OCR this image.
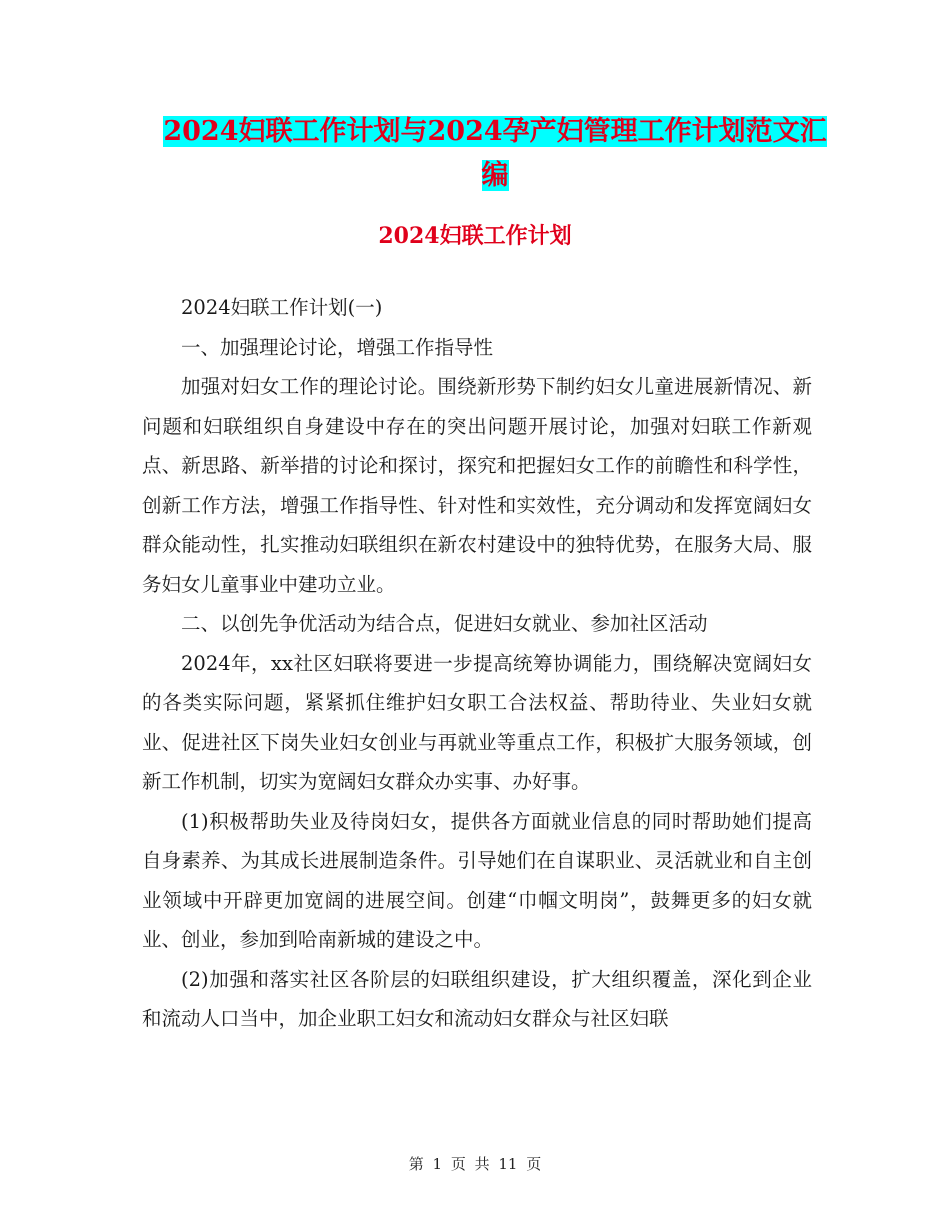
2024妇联工作计划与2024孕产妇管理工作计划范文汇
编
2024妇联工作计划

2024妇联工作计划(一)

一、加强理论讨论，增强工作指导性

加强对妇女工作的理论讨论。围绕新形势下制约妇女儿童进展新情况、新问题和妇联组织自身建设中存在的突出问题开展讨论，加强对妇联工作新观点、新思路、新举措的讨论和探讨，探究和把握妇女工作的前瞻性和科学性，创新工作方法，增强工作指导性、针对性和实效性，充分调动和发挥宽阔妇女群众能动性，扎实推动妇联组织在新农村建设中的独特优势，在服务大局、服务妇女儿童事业中建功立业。

二、以创先争优活动为结合点，促进妇女就业、参加社区活动

2024年，xx社区妇联将要进一步提高统筹协调能力，围绕解决宽阔妇女的各类实际问题，紧紧抓住维护妇女职工合法权益、帮助待业、失业妇女就业、促进社区下岗失业妇女创业与再就业等重点工作，积极扩大服务领域，创新工作机制，切实为宽阔妇女群众办实事、办好事。

(1)积极帮助失业及待岗妇女，提供各方面就业信息的同时帮助她们提高自身素养、为其成长进展制造条件。引导她们在自谋职业、灵活就业和自主创业领域中开辟更加宽阔的进展空间。创建“巾帼文明岗”，鼓舞更多的妇女就业、创业，参加到哈南新城的建设之中。

(2)加强和落实社区各阶层的妇联组织建设，扩大组织覆盖，深化到企业和流动人口当中，加企业职工妇女和流动妇女群众与社区妇联

第 1 页 共 11 页
